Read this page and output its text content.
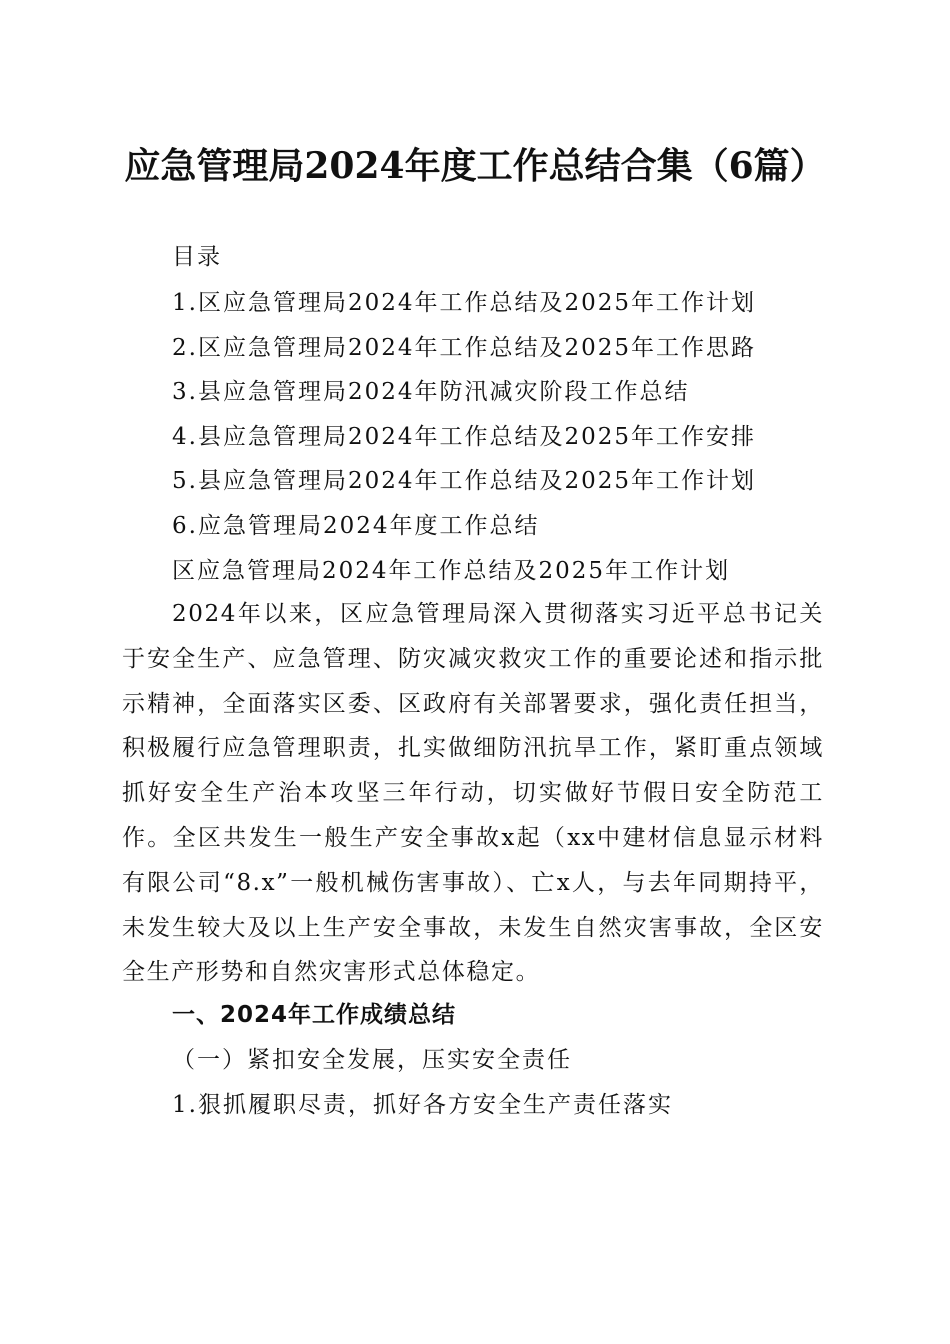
应急管理局2024年度工作总结合集（6篇）
目录
1.区应急管理局2024年工作总结及2025年工作计划
2.区应急管理局2024年工作总结及2025年工作思路
3.县应急管理局2024年防汛减灾阶段工作总结
4.县应急管理局2024年工作总结及2025年工作安排
5.县应急管理局2024年工作总结及2025年工作计划
6.应急管理局2024年度工作总结
区应急管理局2024年工作总结及2025年工作计划
2024年以来，区应急管理局深入贯彻落实习近平总书记关于安全生产、应急管理、防灾减灾救灾工作的重要论述和指示批示精神，全面落实区委、区政府有关部署要求，强化责任担当，积极履行应急管理职责，扎实做细防汛抗旱工作，紧盯重点领域抓好安全生产治本攻坚三年行动，切实做好节假日安全防范工作。全区共发生一般生产安全事故x起（xx中建材信息显示材料有限公司“8.x”一般机械伤害事故）、亡x人，与去年同期持平，未发生较大及以上生产安全事故，未发生自然灾害事故，全区安全生产形势和自然灾害形式总体稳定。
一、2024年工作成绩总结
（一）紧扣安全发展，压实安全责任
1.狠抓履职尽责，抓好各方安全生产责任落实
